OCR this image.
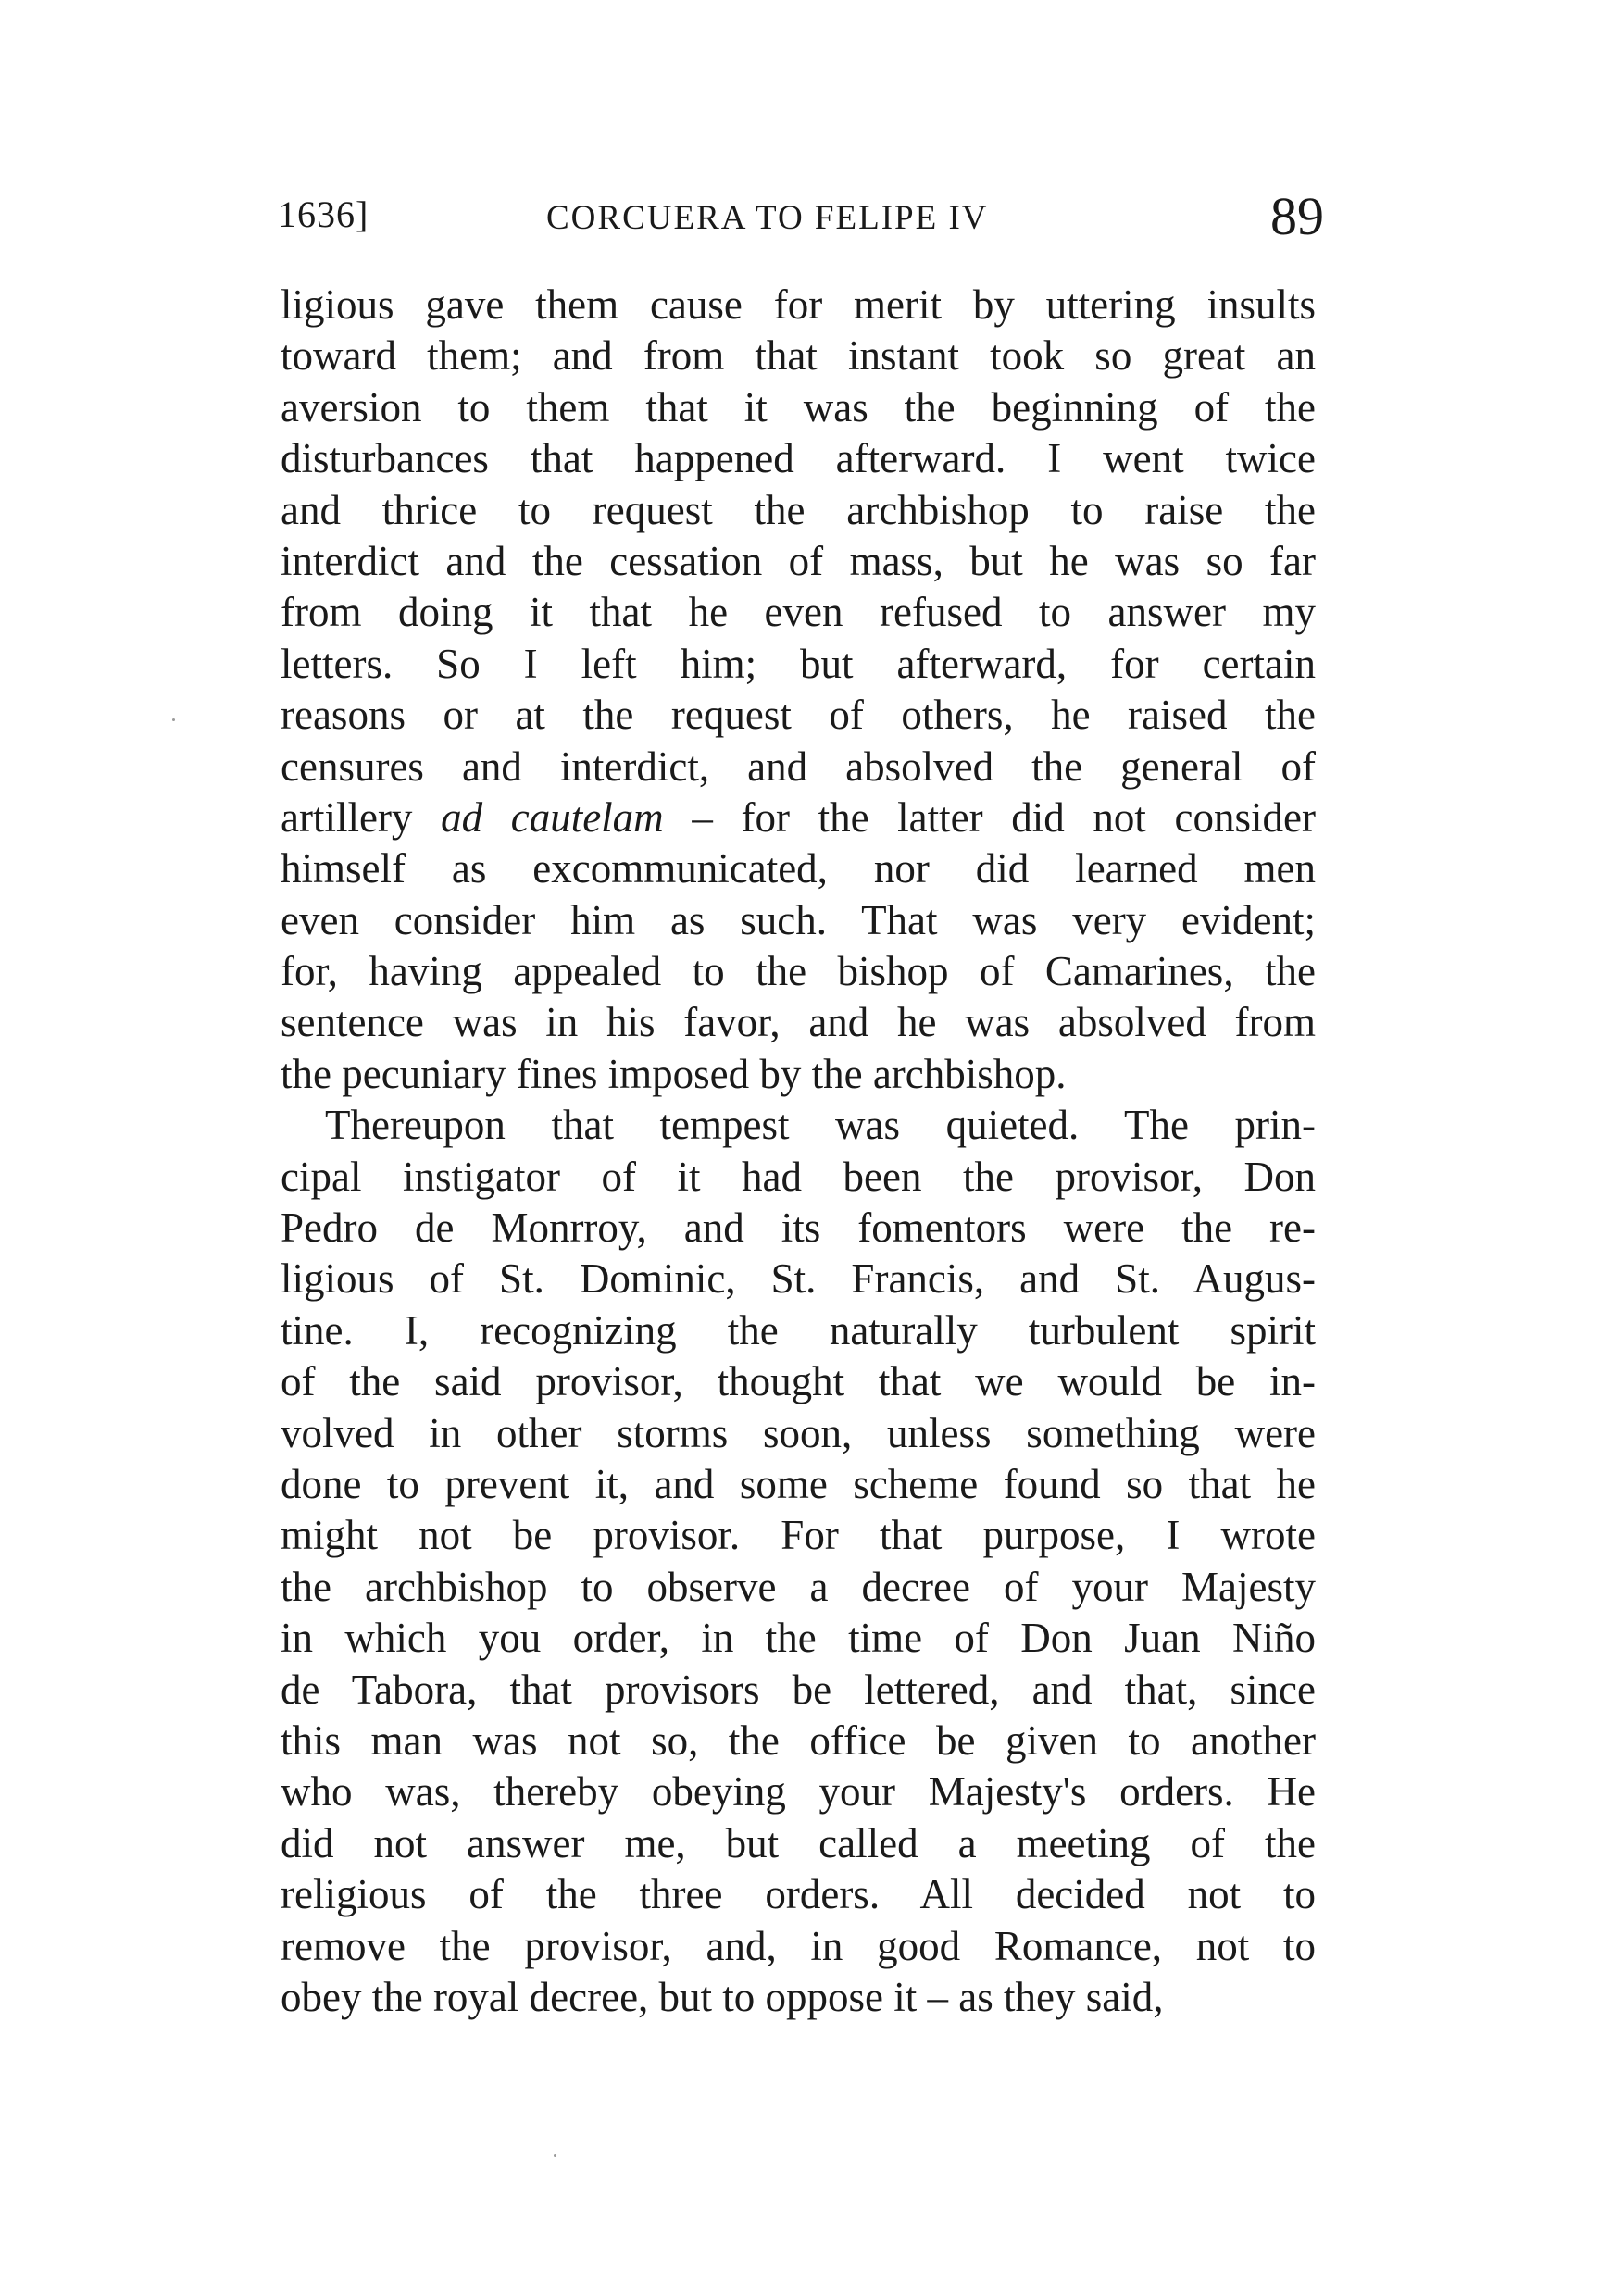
1636]	CORCUERA TO FELIPE IV	89
ligious gave them cause for merit by uttering insults
toward them; and from that instant took so great an
aversion to them that it was the beginning of the
disturbances that happened afterward. I went twice
and thrice to request the archbishop to raise the
interdict and the cessation of mass, but he was so far
from doing it that he even refused to answer my
letters. So I left him; but afterward, for certain
reasons or at the request of others, he raised the
censures and interdict, and absolved the general of
artillery ad cautelam – for the latter did not consider
himself as excommunicated, nor did learned men
even consider him as such. That was very evident;
for, having appealed to the bishop of Camarines, the
sentence was in his favor, and he was absolved from
the pecuniary fines imposed by the archbishop.
Thereupon that tempest was quieted. The prin-
cipal instigator of it had been the provisor, Don
Pedro de Monrroy, and its fomentors were the re-
ligious of St. Dominic, St. Francis, and St. Augus-
tine. I, recognizing the naturally turbulent spirit
of the said provisor, thought that we would be in-
volved in other storms soon, unless something were
done to prevent it, and some scheme found so that he
might not be provisor. For that purpose, I wrote
the archbishop to observe a decree of your Majesty
in which you order, in the time of Don Juan Niño
de Tabora, that provisors be lettered, and that, since
this man was not so, the office be given to another
who was, thereby obeying your Majesty's orders. He
did not answer me, but called a meeting of the
religious of the three orders. All decided not to
remove the provisor, and, in good Romance, not to
obey the royal decree, but to oppose it – as they said,
